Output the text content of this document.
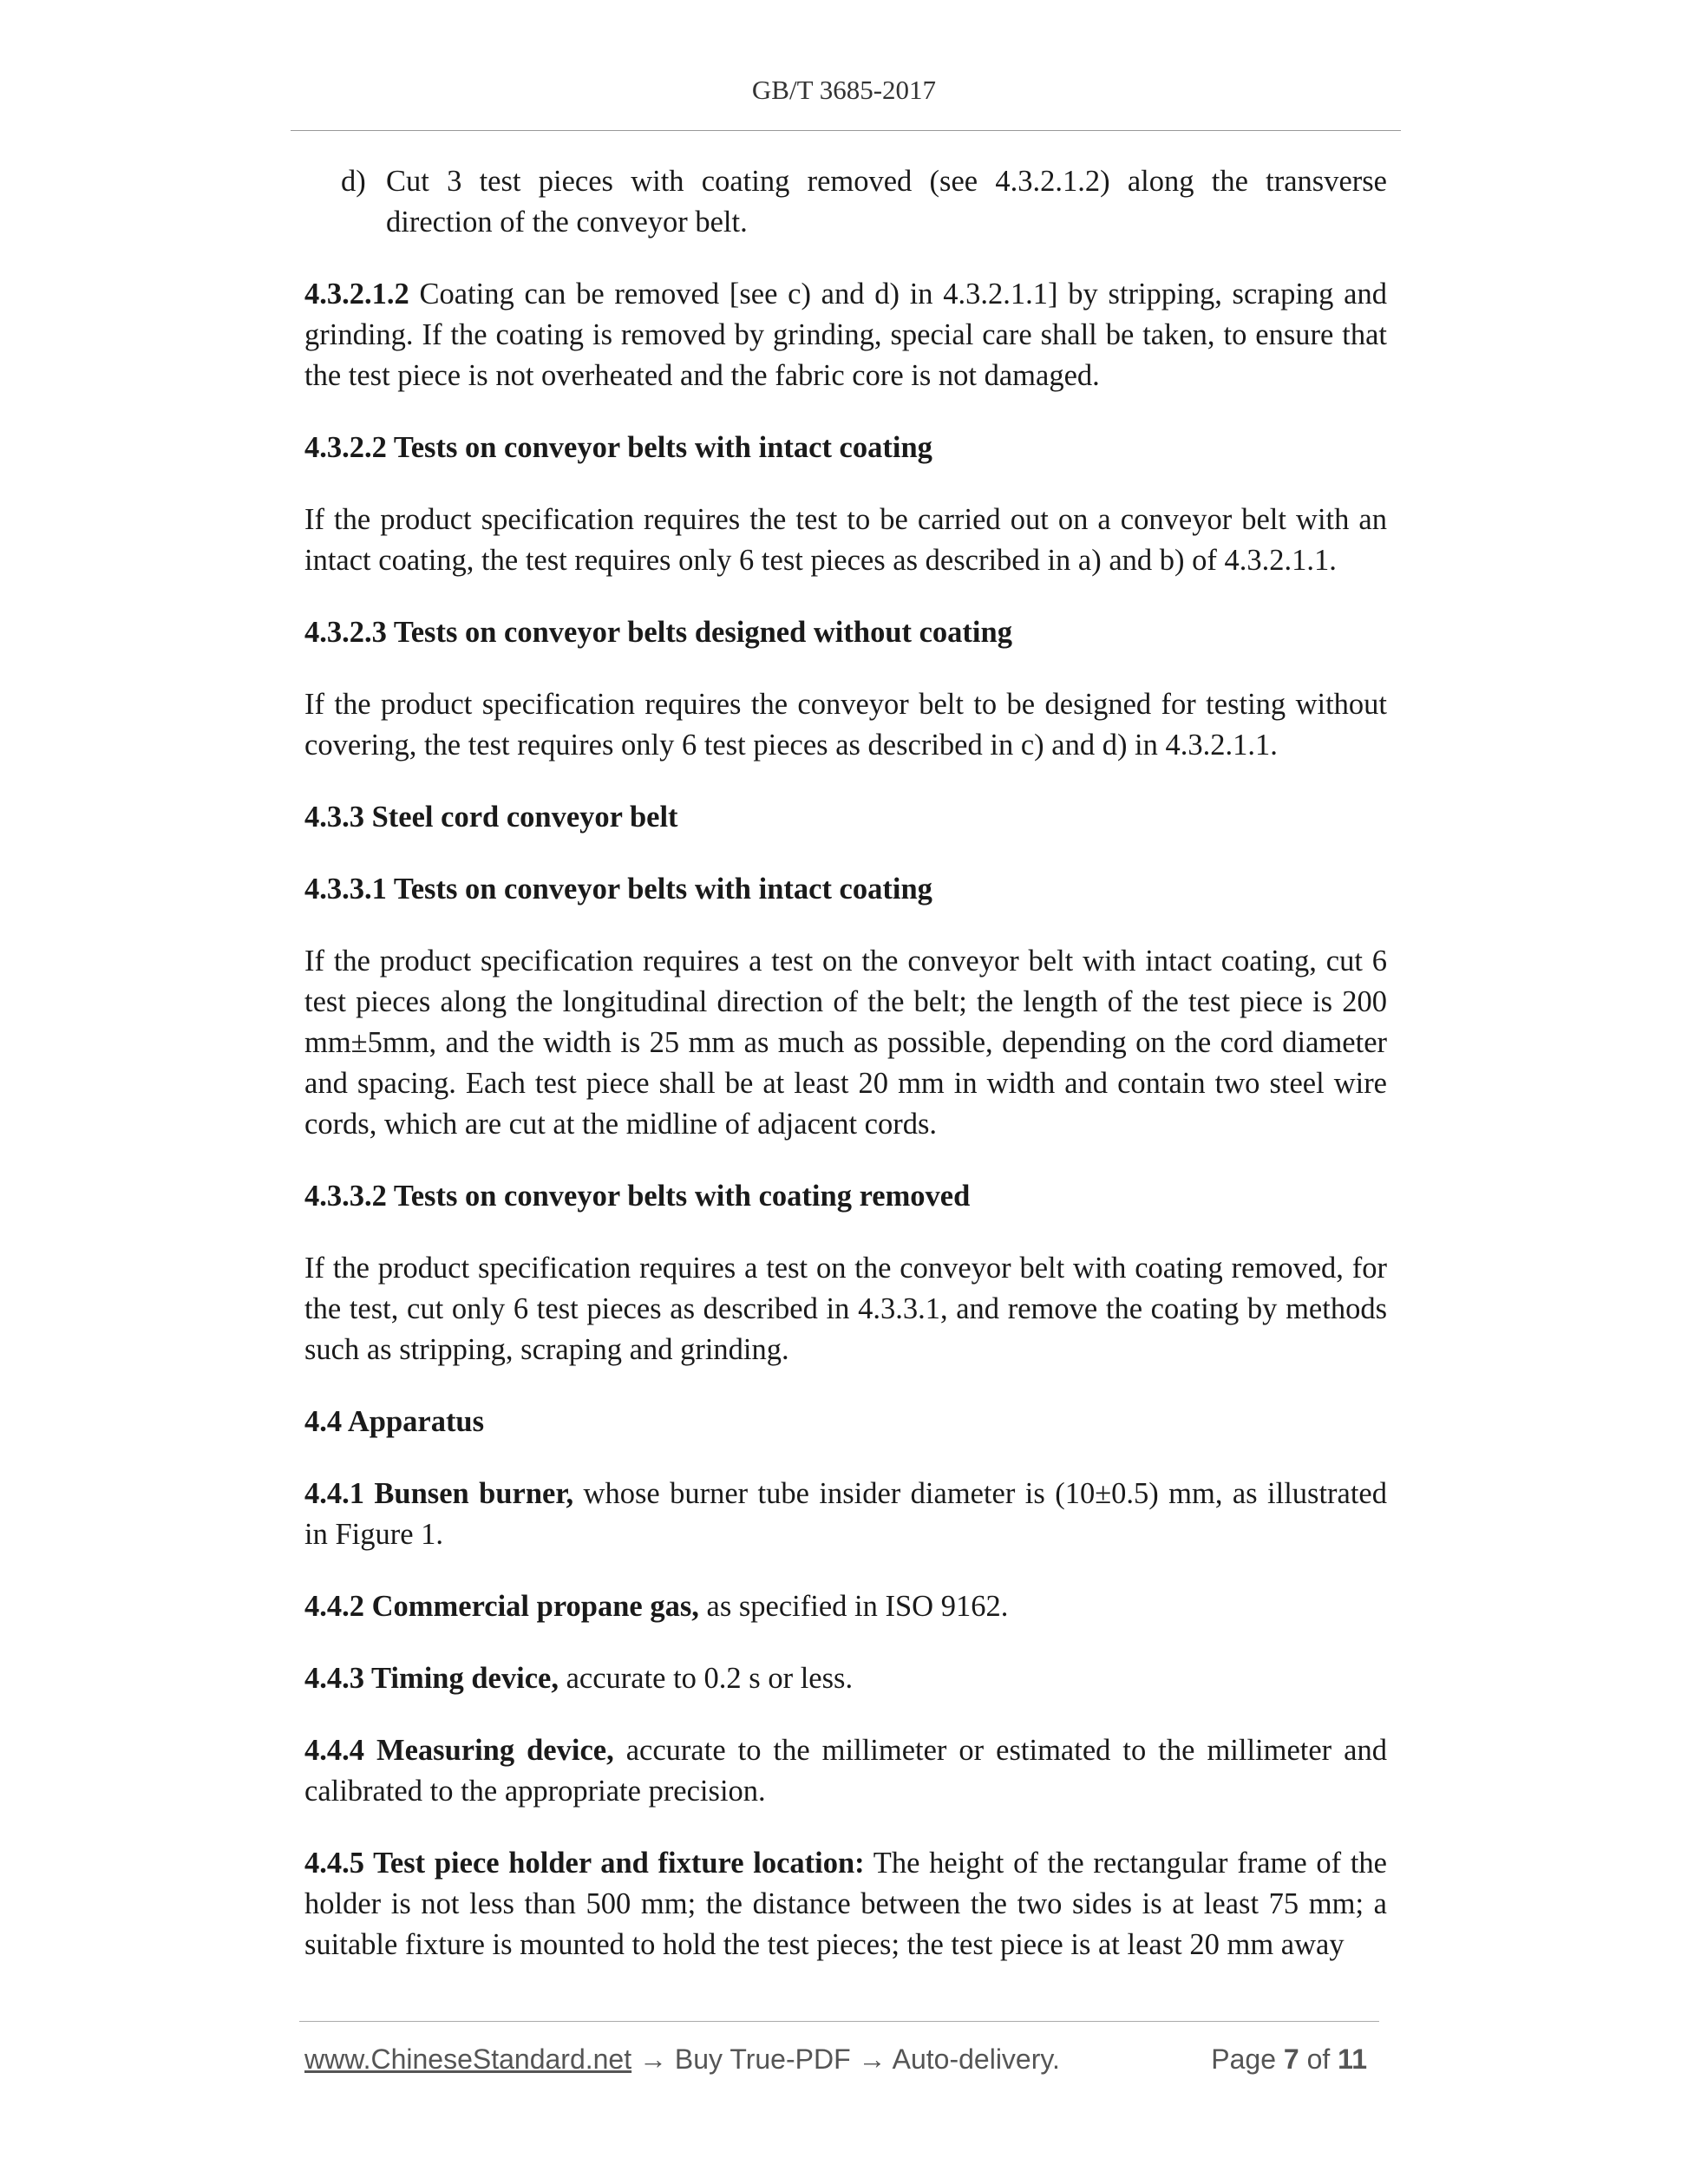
GB/T 3685-2017
d) Cut 3 test pieces with coating removed (see 4.3.2.1.2) along the transverse direction of the conveyor belt.

4.3.2.1.2 Coating can be removed [see c) and d) in 4.3.2.1.1] by stripping, scraping and grinding. If the coating is removed by grinding, special care shall be taken, to ensure that the test piece is not overheated and the fabric core is not damaged.

4.3.2.2 Tests on conveyor belts with intact coating

If the product specification requires the test to be carried out on a conveyor belt with an intact coating, the test requires only 6 test pieces as described in a) and b) of 4.3.2.1.1.

4.3.2.3 Tests on conveyor belts designed without coating

If the product specification requires the conveyor belt to be designed for testing without covering, the test requires only 6 test pieces as described in c) and d) in 4.3.2.1.1.

4.3.3 Steel cord conveyor belt
4.3.3.1 Tests on conveyor belts with intact coating

If the product specification requires a test on the conveyor belt with intact coating, cut 6 test pieces along the longitudinal direction of the belt; the length of the test piece is 200 mm±5mm, and the width is 25 mm as much as possible, depending on the cord diameter and spacing. Each test piece shall be at least 20 mm in width and contain two steel wire cords, which are cut at the midline of adjacent cords.

4.3.3.2 Tests on conveyor belts with coating removed

If the product specification requires a test on the conveyor belt with coating removed, for the test, cut only 6 test pieces as described in 4.3.3.1, and remove the coating by methods such as stripping, scraping and grinding.

4.4 Apparatus

4.4.1 Bunsen burner, whose burner tube insider diameter is (10±0.5) mm, as illustrated in Figure 1.

4.4.2 Commercial propane gas, as specified in ISO 9162.

4.4.3 Timing device, accurate to 0.2 s or less.

4.4.4 Measuring device, accurate to the millimeter or estimated to the millimeter and calibrated to the appropriate precision.

4.4.5 Test piece holder and fixture location: The height of the rectangular frame of the holder is not less than 500 mm; the distance between the two sides is at least 75 mm; a suitable fixture is mounted to hold the test pieces; the test piece is at least 20 mm away

www.ChineseStandard.net → Buy True-PDF → Auto-delivery.	Page 7 of 11
